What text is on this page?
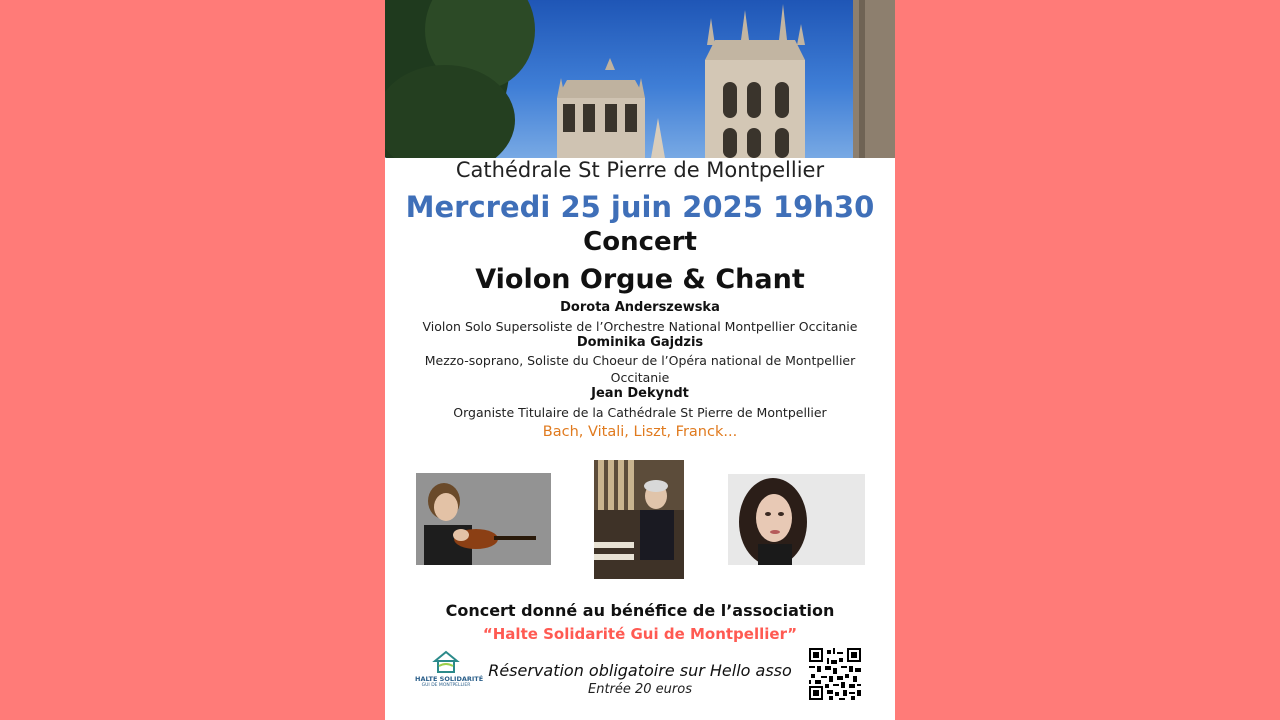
Cathédrale St Pierre de Montpellier

Mercredi 25 juin 2025 19h30

Concert

Violon Orgue & Chant

Dorota Anderszewska

Violon Solo Supersoliste de l’Orchestre National Montpellier Occitanie

Dominika Gajdzis

Mezzo-soprano, Soliste du Choeur de l’Opéra national de Montpellier

Occitanie

Jean Dekyndt

Organiste Titulaire de la Cathédrale St Pierre de Montpellier

Bach, Vitali, Liszt, Franck...

Concert donné au bénéfice de l’association

“Halte Solidarité Gui de Montpellier”

HALTE SOLIDARITÉ
GUI DE MONTPELLIER

Réservation obligatoire sur Hello asso

Entrée 20 euros
